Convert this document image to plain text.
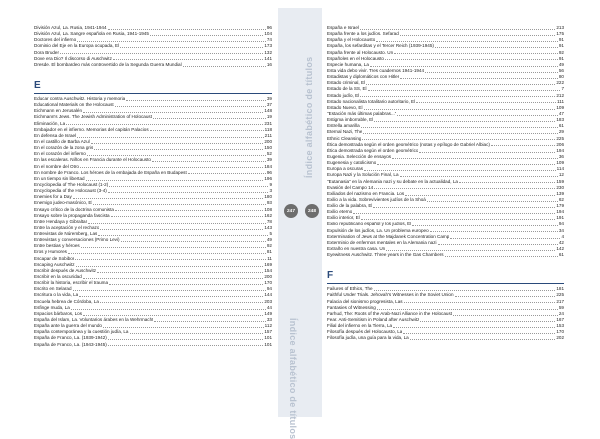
División Azul, La. Rusia, 1941-1944	96
División Azul, La. Sangre española en Rusia, 1941-1945	104
Doctores del infierno	74
Dominio del Eje en la Europa ocupada, El	173
Dora Bruder	132
Dove era Dio? Il discorso di Auschwitz	141
Dresde. El bombardeo más controvertido de la Segunda Guerra Mundial	16
E
Educar contra Auschwitz. Historia y memoria	39
Educational Materials on the Holocaust	37
Eichmann en Jerusalén	148
Eichmann's Jews. The Jewish Administration of Holocaust	19
Eliminación, La	231
Embajador en el infierno. Memorias del capitán Palacios	118
En defensa de Israel	211
En el castillo de Barba Azul	200
En el corazón de la zona gris	150
En el corazón del infierno	52
En las escaleras. Niños en Francia durante el Holocausto	39
En el nombre del Otro	184
En nombre de Franco. Los héroes de la embajada de España en Budapest	96
En un tiempo sin libertad	196
Encyclopedia of The Holocaust (1-2)	9
Encyclopedia of the Holocaust (3-4)	3
Enemies for a Day	180
Enemigo judeo-masónico, El	93
Ensayo crítico de la doctrina comunista	108
Ensayo sobre la propaganda fascista	162
Entre Hendaya y Gibraltar	78
Entre la aceptación y el rechazo	143
Entrevistas de Núremberg, Las	5
Entrevistas y conversaciones (Primo Levi)	49
Entre bestias y héroes	92
Eros y Humores	81
Escapar de Sobibor	11
Escaping Auschwitz	169
Escribir después de Auschwitz	154
Escribir en la oscuridad	200
Escribir la historia, escribir el trauma	170
Escrito en Selarad	94
Escritura o la vida, La	144
Escuela hebrea de Córdoba, La	203
Esfinge muda, La	44
Espacios bárbaros, Los	149
España del Islam, La. Voluntarios árabes en la Wehrmacht	33
España ante la guerra del mundo	112
España contemporánea y la cuestión judía, La	157
España de Franco, La. (1939-1942)	101
España de Franco, La. (1943-1945)	101 Índice alfabético de títulos
Índice alfabético de títulos
247	248
España e Israel	213
España frente a los judíos. Sefarad	175
España y el Holocausto	91
España, los sefarditas y el Tercer Reich (1939-1945)	91
España frente al Holocausto. Un	92
Españoles en el Holocausto	91
Especie humana, La	49
Esta vida debo vivir. Tres cuadernos 1941-1944	56
Estadistas y diplomáticos con Hitler	80
Estado criminal, El	222
Estado de la SS, El	7
Estado judío, El	212
Estado nacionalista totalitario autoritario, El	111
Estado Nuevo, El	109
"Estación más últimas palabras..."	47
Estigma imborrable, El	183
Estrella amarilla	61
Eternal Nazi, The	29
Ethnic Cleansing	225
Ética demostrada según el orden geométrico (notas y epílogo de Gabriel Albiac)	206
Ética demostrada según el orden geométrico	194
Eugenia. Selección de ensayos	36
Eugenesia y catolicismo	109
Europa a oscuras	114
Europa Nazi y la Solución Final, La	12
"Eutanasia" en la Alemania nazi y su debate en la actualidad, La	159
Evasión del Campo 14	230
Exiliados del nazismo en Francia. Los	139
Exilio a la vida. Sobrevivientes judíos de la Shoá	62
Exilio de la palabra, El	179
Exilio eterno	194
Exilio interior, El	191
Exilio republicano español y los judíos, El	94
Expulsión de los judíos, La. Un problema europeo	34
Extermination of Jews at the Majdanek Concentration Camp	4
Exterminio de enfermos mentales en la Alemania nazi	42
Extraño en nuestra casa. Un	142
Eyewitness Auschwitz. Three years in the Gas Chambers	61
F
Failures of Ethics, The	181
Faithful Under Trials. Jehovah's Witnesses in the Soviet Union	225
Falacia del sionismo progresista, Las	217
Fantasies of Witnessing	59
Farhud, The: Roots of the Arab-Nazi Alliance in the Holocaust	24
Fear. Anti-Semitism in Poland after Auschwitz	167
Filial del infierno en la Tierra, La	153
Filosofía después del Holocausto, La	170
Filosofía judía, una guía para la vida, La	202
